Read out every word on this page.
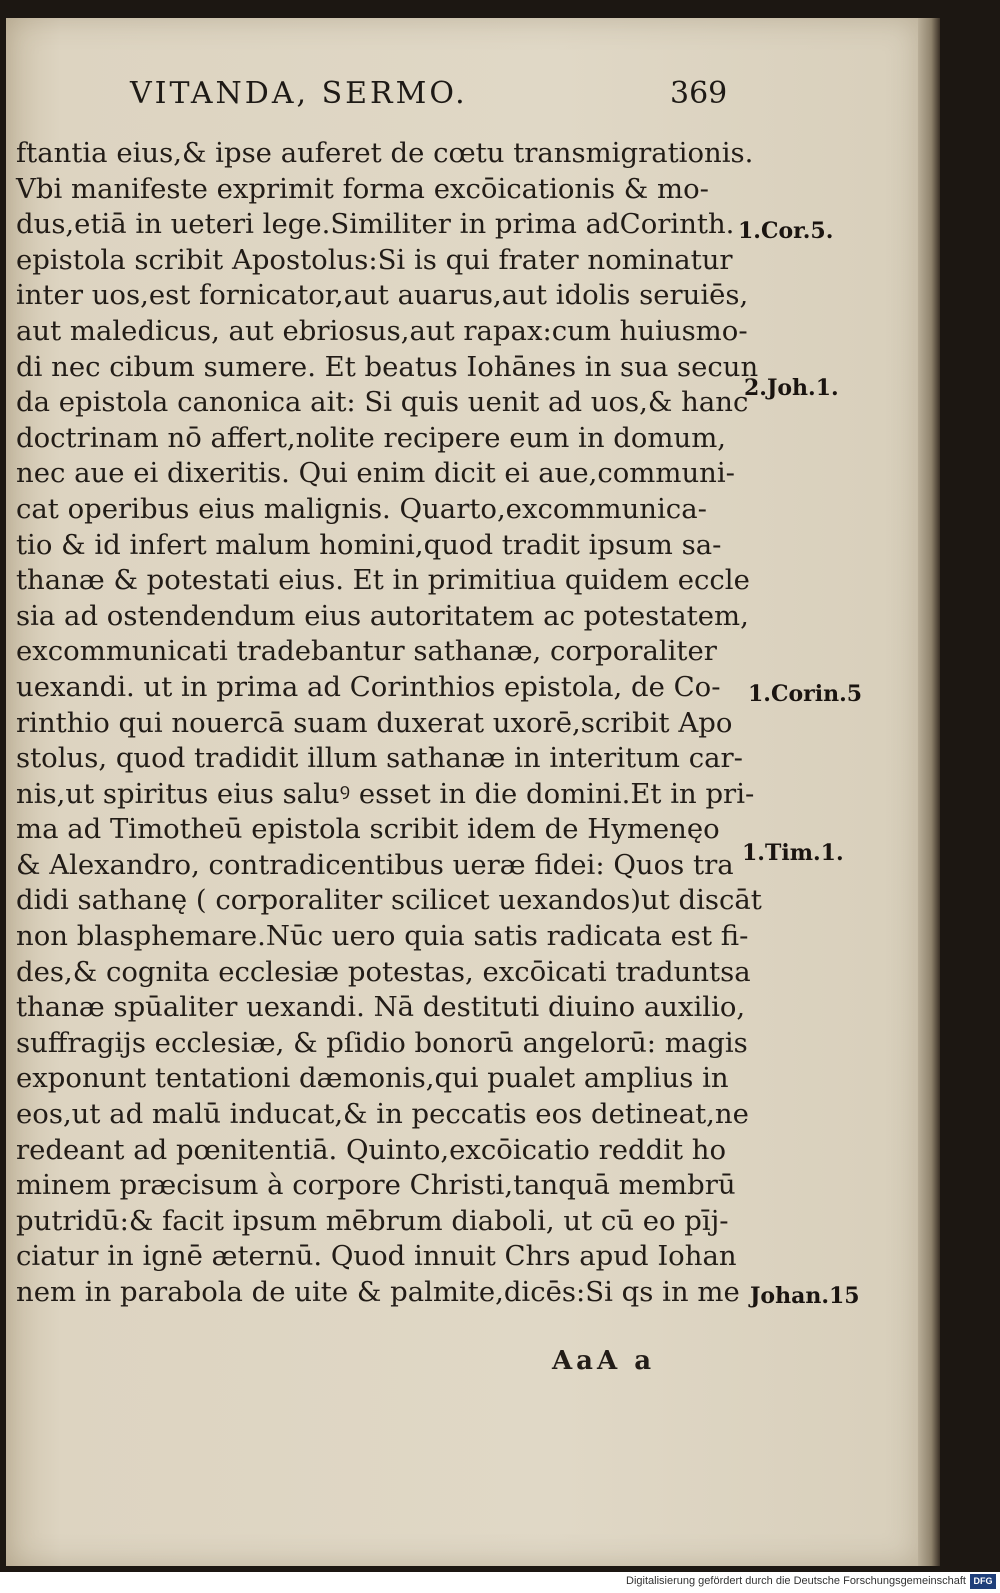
VITANDA, SERMO.	369
ftantia eius,& ipse auferet de cœtu transmigrationis.
Vbi manifeste exprimit forma excōicationis & mo-
dus,etiā in ueteri lege.Similiter in prima adCorinth.
epistola scribit Apostolus:Si is qui frater nominatur
inter uos,est fornicator,aut auarus,aut idolis seruiēs,
aut maledicus, aut ebriosus,aut rapax:cum huiusmo-
di nec cibum sumere. Et beatus Iohānes in sua secun
da epistola canonica ait: Si quis uenit ad uos,& hanc
doctrinam nō affert,nolite recipere eum in domum,
nec aue ei dixeritis. Qui enim dicit ei aue,communi-
cat operibus eius malignis. Quarto,excommunica-
tio & id infert malum homini,quod tradit ipsum sa-
thanæ & potestati eius. Et in primitiua quidem eccle
sia ad ostendendum eius autoritatem ac potestatem,
excommunicati tradebantur sathanæ, corporaliter
uexandi. ut in prima ad Corinthios epistola, de Co-
rinthio qui nouercā suam duxerat uxorē,scribit Apo
stolus, quod tradidit illum sathanæ in interitum car-
nis,ut spiritus eius saluꝰ esset in die domini.Et in pri-
ma ad Timotheū epistola scribit idem de Hymenęo
& Alexandro, contradicentibus ueræ fidei: Quos tra
didi sathanę ( corporaliter scilicet uexandos)ut discāt
non blasphemare.Nūc uero quia satis radicata est fi-
des,& cognita ecclesiæ potestas, excōicati traduntsa
thanæ spūaliter uexandi. Nā destituti diuino auxilio,
suffragijs ecclesiæ, & pſidio bonorū angelorū: magis
exponunt tentationi dæmonis,qui pualet amplius in
eos,ut ad malū inducat,& in peccatis eos detineat,ne
redeant ad pœnitentiā. Quinto,excōicatio reddit ho
minem præcisum à corpore Christi,tanquā membrū
putridū:& facit ipsum mēbrum diaboli, ut cū eo pīj-
ciatur in ignē æternū. Quod innuit Chrs apud Iohan
nem in parabola de uite & palmite,dicēs:Si qs in me
1.Cor.5.
2.Joh.1.
1.Corin.5
1.Tim.1.
Johan.15
AaA a
Digitalisierung gefördert durch die Deutsche Forschungsgemeinschaft DFG
